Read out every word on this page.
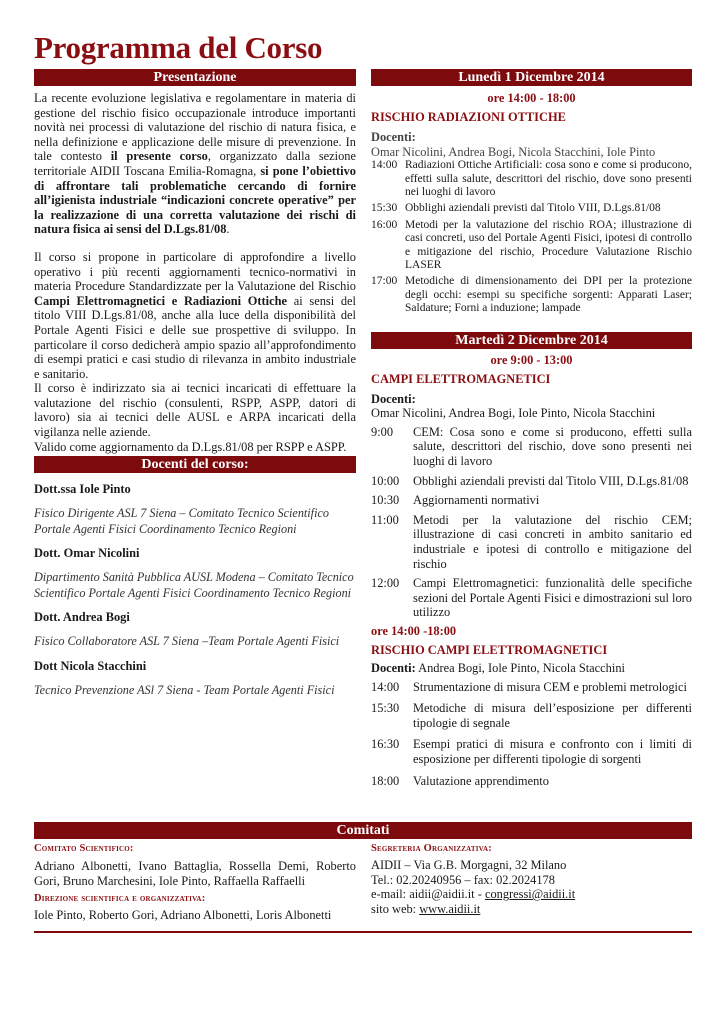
Programma del Corso
Presentazione

La recente evoluzione legislativa e regolamentare in materia di gestione del rischio fisico occupazionale introduce importanti novità nei processi di valutazione del rischio di natura fisica, e nella definizione e applicazione delle misure di prevenzione. In tale contesto il presente corso, organizzato dalla sezione territoriale AIDII Toscana Emilia-Romagna, si pone l’obiettivo di affrontare tali problematiche cercando di fornire all’igienista industriale “indicazioni concrete operative” per la realizzazione di una corretta valutazione dei rischi di natura fisica ai sensi del D.Lgs.81/08.

Il corso si propone in particolare di approfondire a livello operativo i più recenti aggiornamenti tecnico-normativi in materia Procedure Standardizzate per la Valutazione del Rischio Campi Elettromagnetici e Radiazioni Ottiche ai sensi del titolo VIII D.Lgs.81/08, anche alla luce della disponibilità del Portale Agenti Fisici e delle sue prospettive di sviluppo. In particolare il corso dedicherà ampio spazio all’approfondimento di esempi pratici e casi studio di rilevanza in ambito industriale e sanitario.

Il corso è indirizzato sia ai tecnici incaricati di effettuare la valutazione del rischio (consulenti, RSPP, ASPP, datori di lavoro) sia ai tecnici delle AUSL e ARPA incaricati della vigilanza nelle aziende.

Valido come aggiornamento da D.Lgs.81/08 per RSPP e ASPP.

Docenti del corso:

Dott.ssa Iole Pinto

Fisico Dirigente ASL 7 Siena – Comitato Tecnico Scientifico Portale Agenti Fisici Coordinamento Tecnico Regioni

Dott. Omar Nicolini

Dipartimento Sanità Pubblica AUSL Modena – Comitato Tecnico Scientifico Portale Agenti Fisici Coordinamento Tecnico Regioni

Dott. Andrea Bogi

Fisico Collaboratore ASL 7 Siena –Team Portale Agenti Fisici

Dott Nicola Stacchini

Tecnico Prevenzione ASl 7 Siena - Team Portale Agenti Fisici

Lunedì 1 Dicembre 2014

ore 14:00 - 18:00

RISCHIO RADIAZIONI OTTICHE

Docenti:

Omar Nicolini, Andrea Bogi, Nicola Stacchini, Iole Pinto

14:00 Radiazioni Ottiche Artificiali: cosa sono e come si producono, effetti sulla salute, descrittori del rischio, dove sono presenti nei luoghi di lavoro
15:30 Obblighi aziendali previsti dal Titolo VIII, D.Lgs.81/08
16:00 Metodi per la valutazione del rischio ROA; illustrazione di casi concreti, uso del Portale Agenti Fisici, ipotesi di controllo e mitigazione del rischio, Procedure Valutazione Rischio LASER
17:00 Metodiche di dimensionamento dei DPI per la protezione degli occhi: esempi su specifiche sorgenti: Apparati Laser; Saldature; Forni a induzione; lampade
Martedì 2 Dicembre 2014

ore 9:00 - 13:00

CAMPI ELETTROMAGNETICI

Docenti:

Omar Nicolini, Andrea Bogi, Iole Pinto, Nicola Stacchini

9:00	CEM: Cosa sono e come si producono, effetti sulla salute, descrittori del rischio, dove sono presenti nei luoghi di lavoro
10:00	Obblighi aziendali previsti dal Titolo VIII, D.Lgs.81/08
10:30	Aggiornamenti normativi
11:00	Metodi per la valutazione del rischio CEM; illustrazione di casi concreti in ambito sanitario ed industriale e ipotesi di controllo e mitigazione del rischio
12:00	Campi Elettromagnetici: funzionalità delle specifiche sezioni del Portale Agenti Fisici e dimostrazioni sul loro utilizzo

ore 14:00 -18:00

RISCHIO CAMPI ELETTROMAGNETICI

Docenti: Andrea Bogi, Iole Pinto, Nicola Stacchini

14:00	Strumentazione di misura CEM e problemi metrologici
15:30	Metodiche di misura dell’esposizione per differenti tipologie di segnale
16:30	Esempi pratici di misura e confronto con i limiti di esposizione per differenti tipologie di sorgenti
18:00	Valutazione apprendimento
Comitati

Comitato Scientifico:

Adriano Albonetti, Ivano Battaglia, Rossella Demi, Roberto Gori, Bruno Marchesini, Iole Pinto, Raffaella Raffaelli

Direzione scientifica e organizzativa:

Iole Pinto, Roberto Gori, Adriano Albonetti, Loris Albonetti

Segreteria Organizzativa:

AIDII – Via G.B. Morgagni, 32 Milano

Tel.: 02.20240956 – fax: 02.2024178

e-mail: aidii@aidii.it - congressi@aidii.it

sito web: www.aidii.it
